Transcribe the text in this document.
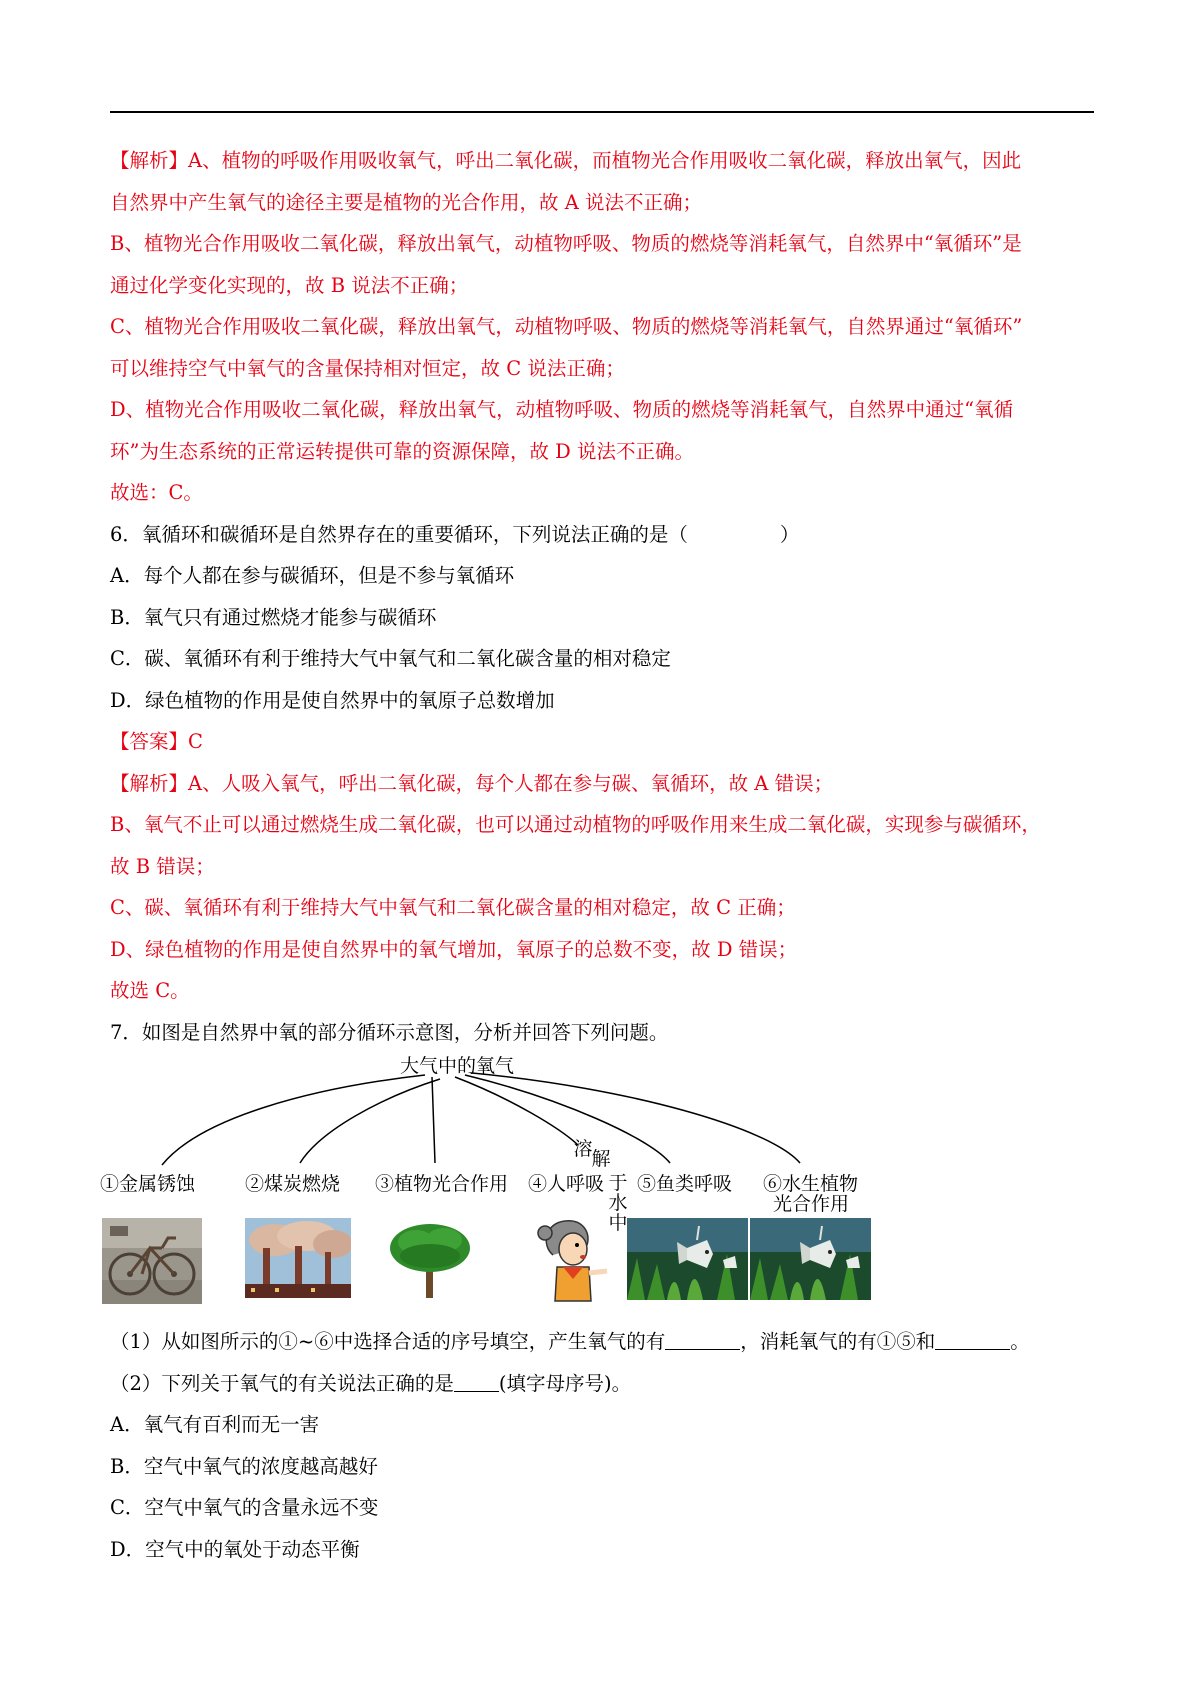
【解析】A、植物的呼吸作用吸收氧气，呼出二氧化碳，而植物光合作用吸收二氧化碳，释放出氧气，因此
自然界中产生氧气的途径主要是植物的光合作用，故 A 说法不正确；
B、植物光合作用吸收二氧化碳，释放出氧气，动植物呼吸、物质的燃烧等消耗氧气，自然界中“氧循环”是
通过化学变化实现的，故 B 说法不正确；
C、植物光合作用吸收二氧化碳，释放出氧气，动植物呼吸、物质的燃烧等消耗氧气，自然界通过“氧循环”
可以维持空气中氧气的含量保持相对恒定，故 C 说法正确；
D、植物光合作用吸收二氧化碳，释放出氧气，动植物呼吸、物质的燃烧等消耗氧气，自然界中通过“氧循
环”为生态系统的正常运转提供可靠的资源保障，故 D 说法不正确。
故选：C。
6．氧循环和碳循环是自然界存在的重要循环，下列说法正确的是（	）
A．每个人都在参与碳循环，但是不参与氧循环
B．氧气只有通过燃烧才能参与碳循环
C．碳、氧循环有利于维持大气中氧气和二氧化碳含量的相对稳定
D．绿色植物的作用是使自然界中的氧原子总数增加
【答案】C
【解析】A、人吸入氧气，呼出二氧化碳，每个人都在参与碳、氧循环，故 A 错误；
B、氧气不止可以通过燃烧生成二氧化碳，也可以通过动植物的呼吸作用来生成二氧化碳，实现参与碳循环，
故 B 错误；
C、碳、氧循环有利于维持大气中氧气和二氧化碳含量的相对稳定，故 C 正确；
D、绿色植物的作用是使自然界中的氧气增加，氧原子的总数不变，故 D 错误；
故选 C。
7．如图是自然界中氧的部分循环示意图，分析并回答下列问题。
大气中的氧气
溶
解
于
水
中
①金属锈蚀	②煤炭燃烧 ③植物光合作用 ④人呼吸 ⑤鱼类呼吸 ⑥水生植物
光合作用
（1）从如图所示的①~⑥中选择合适的序号填空，产生氧气的有	，消耗氧气的有①⑤和	。
（2）下列关于氧气的有关说法正确的是 (填字母序号)。
A．氧气有百利而无一害
B．空气中氧气的浓度越高越好
C．空气中氧气的含量永远不变
D．空气中的氧处于动态平衡
